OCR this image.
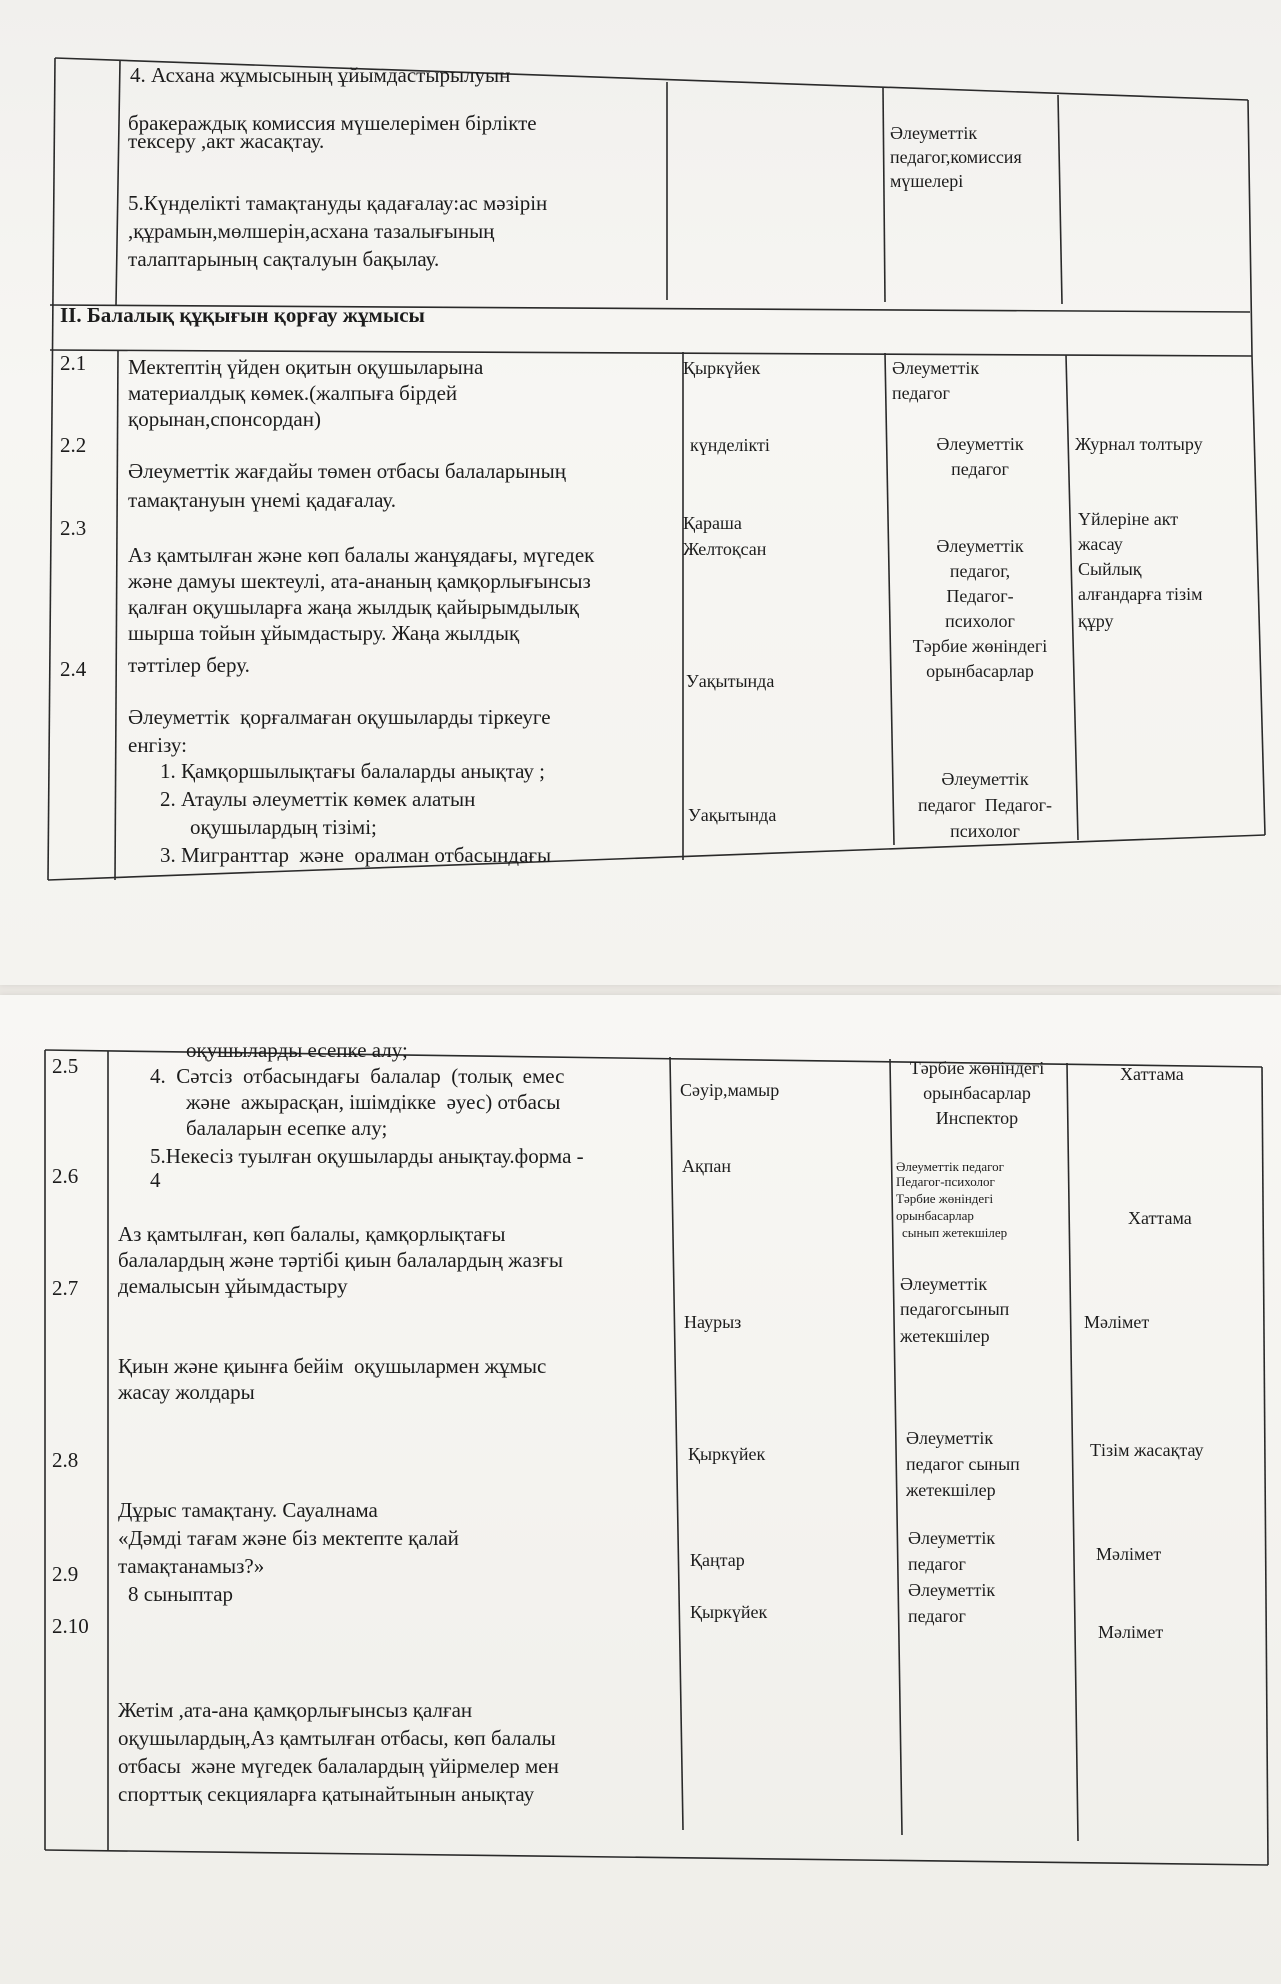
4. Асхана жұмысының ұйымдастырылуын
бракераждық комиссия мүшелерімен бірлікте
тексеру ,акт жасақтау.
5.Күнделікті тамақтануды қадағалау:ас мәзірін
,құрамын,мөлшерін,асхана тазалығының
талаптарының сақталуын бақылау.
Әлеуметтік
педагог,комиссия
мүшелері
ІІ. Балалық құқығын қорғау жұмысы
2.1
2.2
2.3
2.4
Мектептің үйден оқитын оқушыларына
материалдық көмек.(жалпыға бірдей
қорынан,спонсордан)
Әлеуметтік жағдайы төмен отбасы балаларының
тамақтануын үнемі қадағалау.
Аз қамтылған және көп балалы жанұядағы, мүгедек
және дамуы шектеулі, ата-ананың қамқорлығынсыз
қалған оқушыларға жаңа жылдық қайырымдылық
шырша тойын ұйымдастыру. Жаңа жылдық
тәттілер беру.
Әлеуметтік  қорғалмаған оқушыларды тіркеуге
енгізу:
1. Қамқоршылықтағы балаларды анықтау ;
2. Атаулы әлеуметтік көмек алатын
оқушылардың тізімі;
3. Мигранттар  және  оралман отбасындағы
Қыркүйек
күнделікті
Қараша
Желтоқсан
Уақытында
Уақытында
Әлеуметтік
педагог
Әлеуметтік
педагог
Әлеуметтік
педагог,
Педагог-
психолог
Тәрбие жөніндегі
орынбасарлар
Әлеуметтік
педагог  Педагог-
психолог
Журнал толтыру
Үйлеріне акт
жасау
Сыйлық
алғандарға тізім
құру
2.5
2.6
2.7
2.8
2.9
2.10
оқушыларды есепке алу;
4.  Сәтсіз  отбасындағы  балалар  (толық  емес
және  ажырасқан, ішімдікке  әуес) отбасы
балаларын есепке алу;
5.Некесіз туылған оқушыларды анықтау.форма -
4
Аз қамтылған, көп балалы, қамқорлықтағы
балалардың және тәртібі қиын балалардың жазғы
демалысын ұйымдастыру
Қиын және қиынға бейім  оқушылармен жұмыс
жасау жолдары
Дұрыс тамақтану. Сауалнама
«Дәмді тағам және біз мектепте қалай
тамақтанамыз?»
8 сыныптар
Жетім ,ата-ана қамқорлығынсыз қалған
оқушылардың,Аз қамтылған отбасы, көп балалы
отбасы  және мүгедек балалардың үйірмелер мен
спорттық секцияларға қатынайтынын анықтау
Сәуір,мамыр
Ақпан
Наурыз
Қыркүйек
Қаңтар
Қыркүйек
Тәрбие жөніндегі
орынбасарлар
Инспектор
Әлеуметтік педагог
Педагог-психолог
Тәрбие жөніндегі
орынбасарлар
сынып жетекшілер
Әлеуметтік
педагогсынып
жетекшілер
Әлеуметтік
педагог сынып
жетекшілер
Әлеуметтік
педагог
Әлеуметтік
педагог
Хаттама
Хаттама
Мәлімет
Тізім жасақтау
Мәлімет
Мәлімет
